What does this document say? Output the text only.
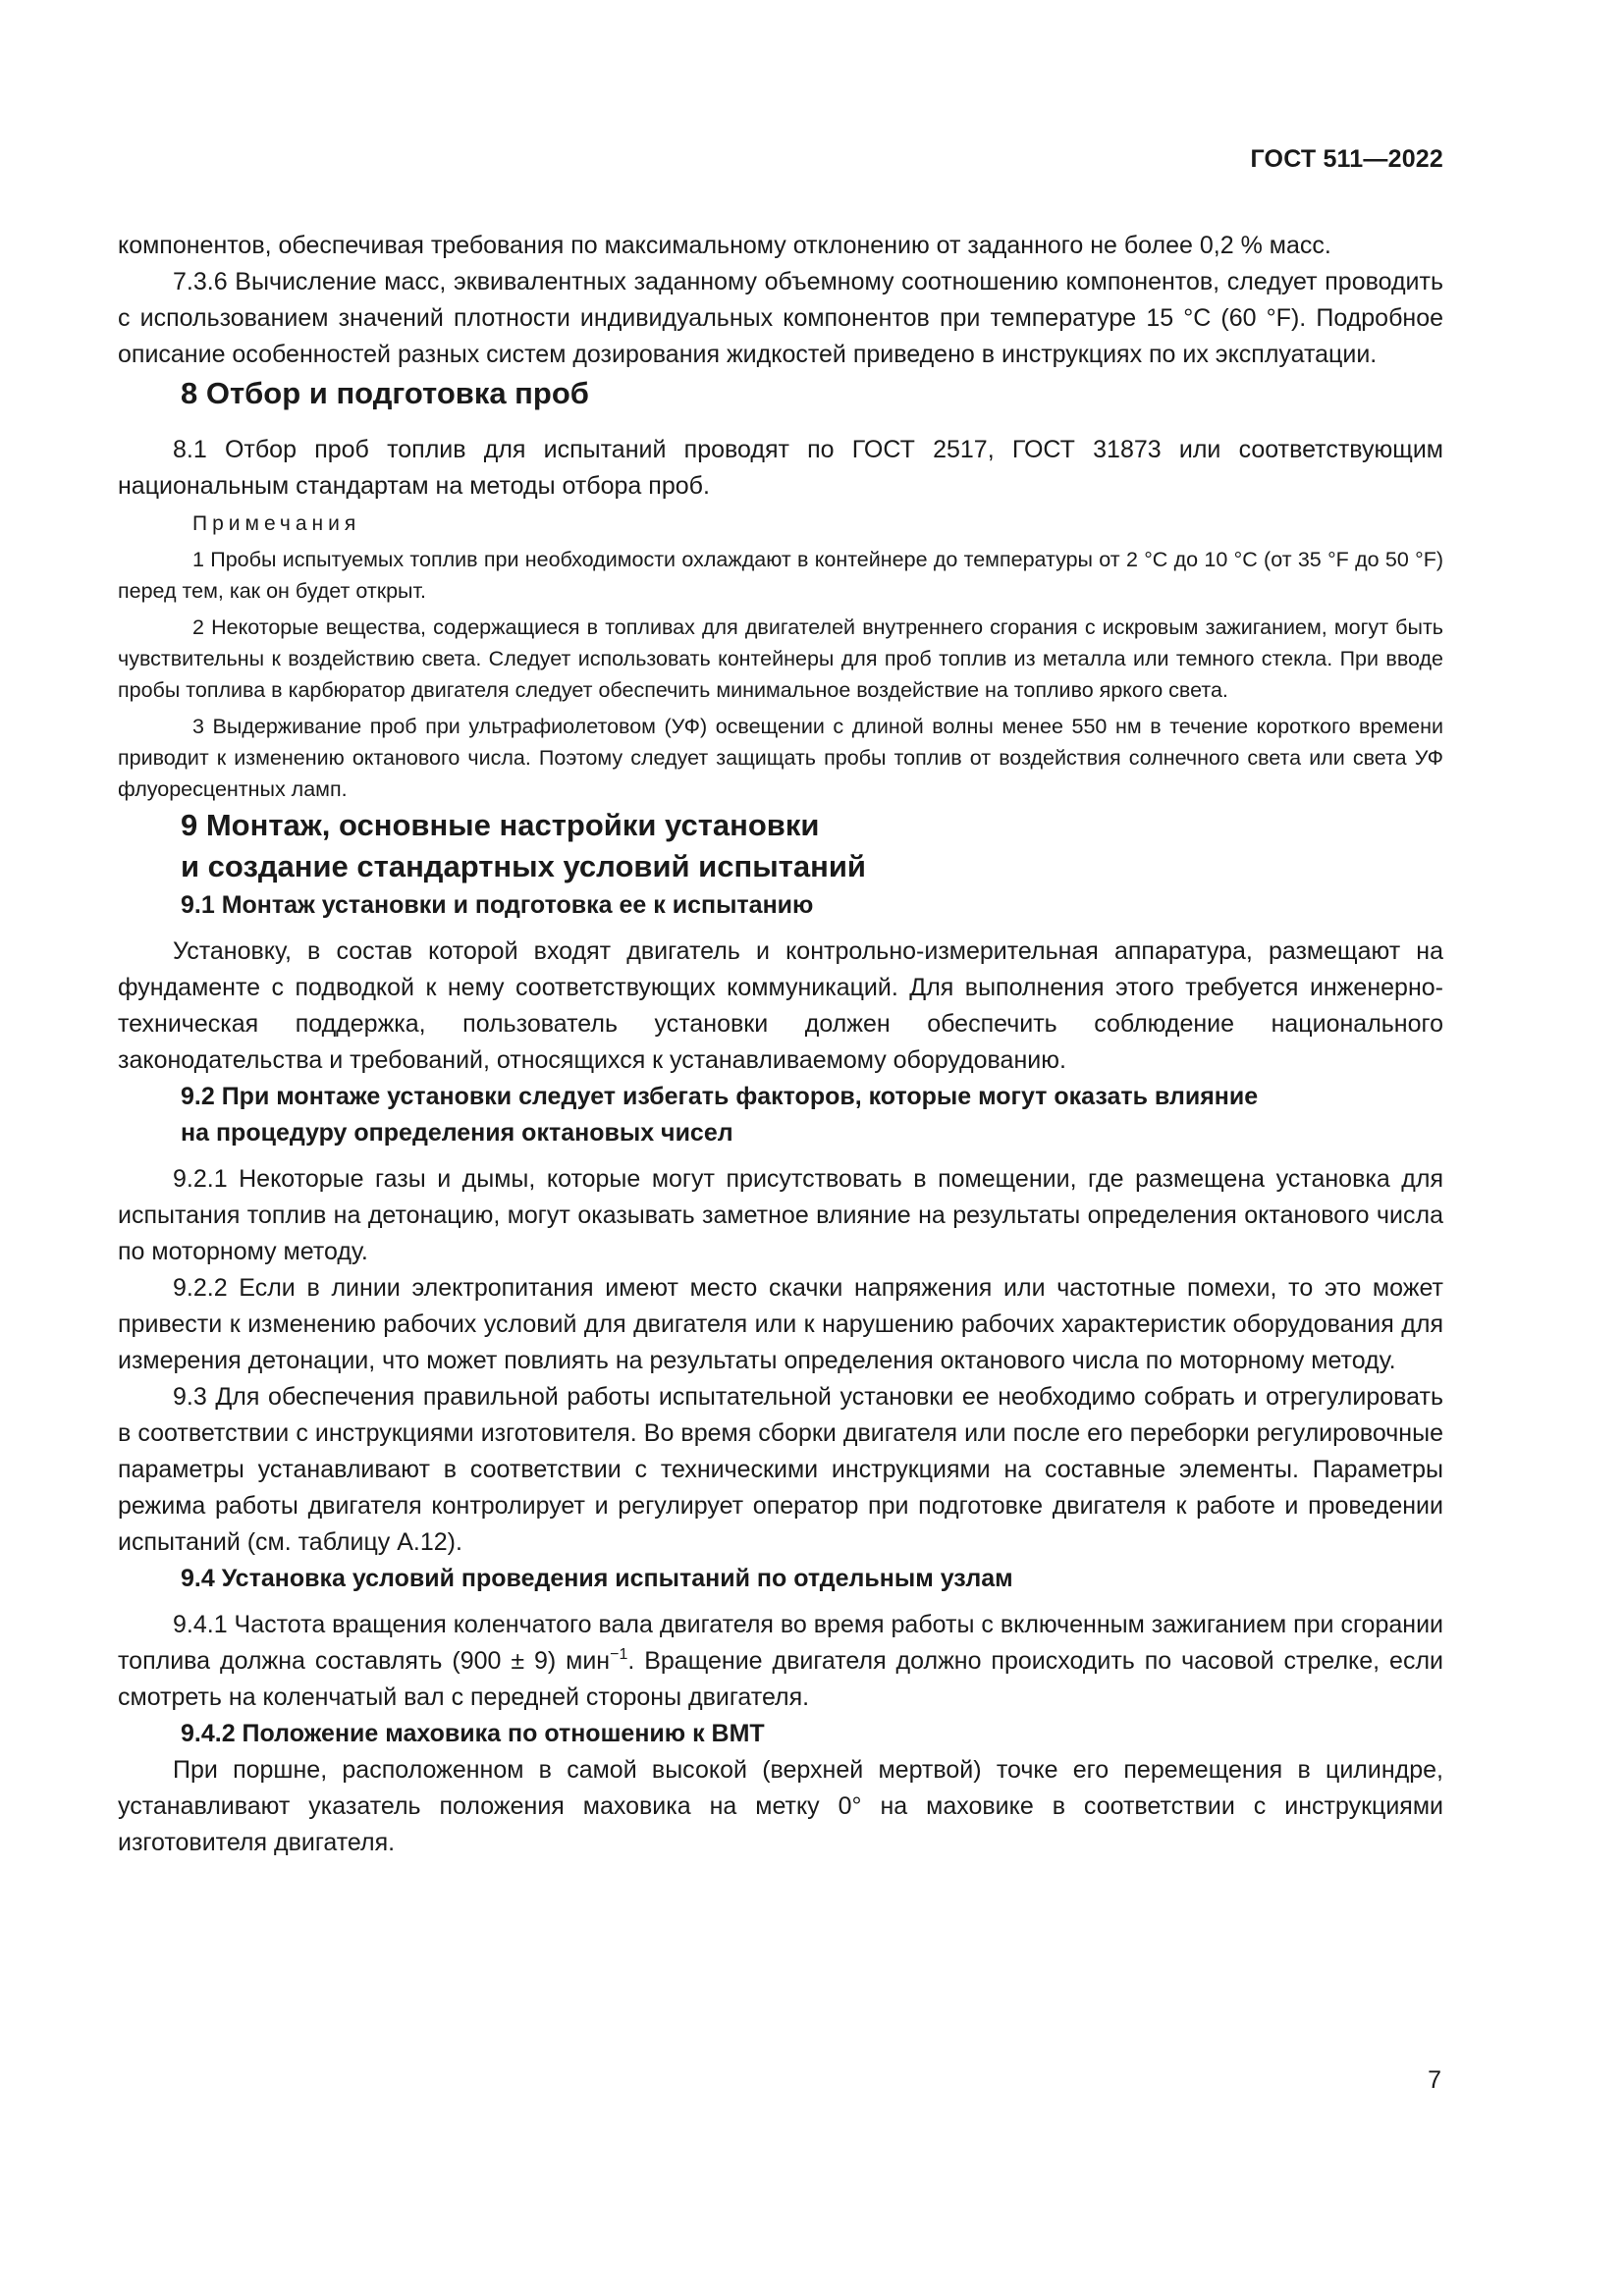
ГОСТ 511—2022

компонентов, обеспечивая требования по максимальному отклонению от заданного не более 0,2 % масс.

7.3.6 Вычисление масс, эквивалентных заданному объемному соотношению компонентов, следует проводить с использованием значений плотности индивидуальных компонентов при температуре 15 °C (60 °F). Подробное описание особенностей разных систем дозирования жидкостей приведено в инструкциях по их эксплуатации.

8 Отбор и подготовка проб

8.1 Отбор проб топлив для испытаний проводят по ГОСТ 2517, ГОСТ 31873 или соответствующим национальным стандартам на методы отбора проб.

Примечания

1 Пробы испытуемых топлив при необходимости охлаждают в контейнере до температуры от 2 °C до 10 °C (от 35 °F до 50 °F) перед тем, как он будет открыт.

2 Некоторые вещества, содержащиеся в топливах для двигателей внутреннего сгорания с искровым зажиганием, могут быть чувствительны к воздействию света. Следует использовать контейнеры для проб топлив из металла или темного стекла. При вводе пробы топлива в карбюратор двигателя следует обеспечить минимальное воздействие на топливо яркого света.

3 Выдерживание проб при ультрафиолетовом (УФ) освещении с длиной волны менее 550 нм в течение короткого времени приводит к изменению октанового числа. Поэтому следует защищать пробы топлив от воздействия солнечного света или света УФ флуоресцентных ламп.

9 Монтаж, основные настройки установки
и создание стандартных условий испытаний
9.1 Монтаж установки и подготовка ее к испытанию

Установку, в состав которой входят двигатель и контрольно-измерительная аппаратура, размещают на фундаменте с подводкой к нему соответствующих коммуникаций. Для выполнения этого требуется инженерно-техническая поддержка, пользователь установки должен обеспечить соблюдение национального законодательства и требований, относящихся к устанавливаемому оборудованию.

9.2 При монтаже установки следует избегать факторов, которые могут оказать влияние
на процедуру определения октановых чисел

9.2.1 Некоторые газы и дымы, которые могут присутствовать в помещении, где размещена установка для испытания топлив на детонацию, могут оказывать заметное влияние на результаты определения октанового числа по моторному методу.

9.2.2 Если в линии электропитания имеют место скачки напряжения или частотные помехи, то это может привести к изменению рабочих условий для двигателя или к нарушению рабочих характеристик оборудования для измерения детонации, что может повлиять на результаты определения октанового числа по моторному методу.

9.3 Для обеспечения правильной работы испытательной установки ее необходимо собрать и отрегулировать в соответствии с инструкциями изготовителя. Во время сборки двигателя или после его переборки регулировочные параметры устанавливают в соответствии с техническими инструкциями на составные элементы. Параметры режима работы двигателя контролирует и регулирует оператор при подготовке двигателя к работе и проведении испытаний (см. таблицу А.12).

9.4 Установка условий проведения испытаний по отдельным узлам

9.4.1 Частота вращения коленчатого вала двигателя во время работы с включенным зажиганием при сгорании топлива должна составлять (900 ± 9) мин$^{-1}$. Вращение двигателя должно происходить по часовой стрелке, если смотреть на коленчатый вал с передней стороны двигателя.

9.4.2 Положение маховика по отношению к ВМТ

При поршне, расположенном в самой высокой (верхней мертвой) точке его перемещения в цилиндре, устанавливают указатель положения маховика на метку 0° на маховике в соответствии с инструкциями изготовителя двигателя.

7
